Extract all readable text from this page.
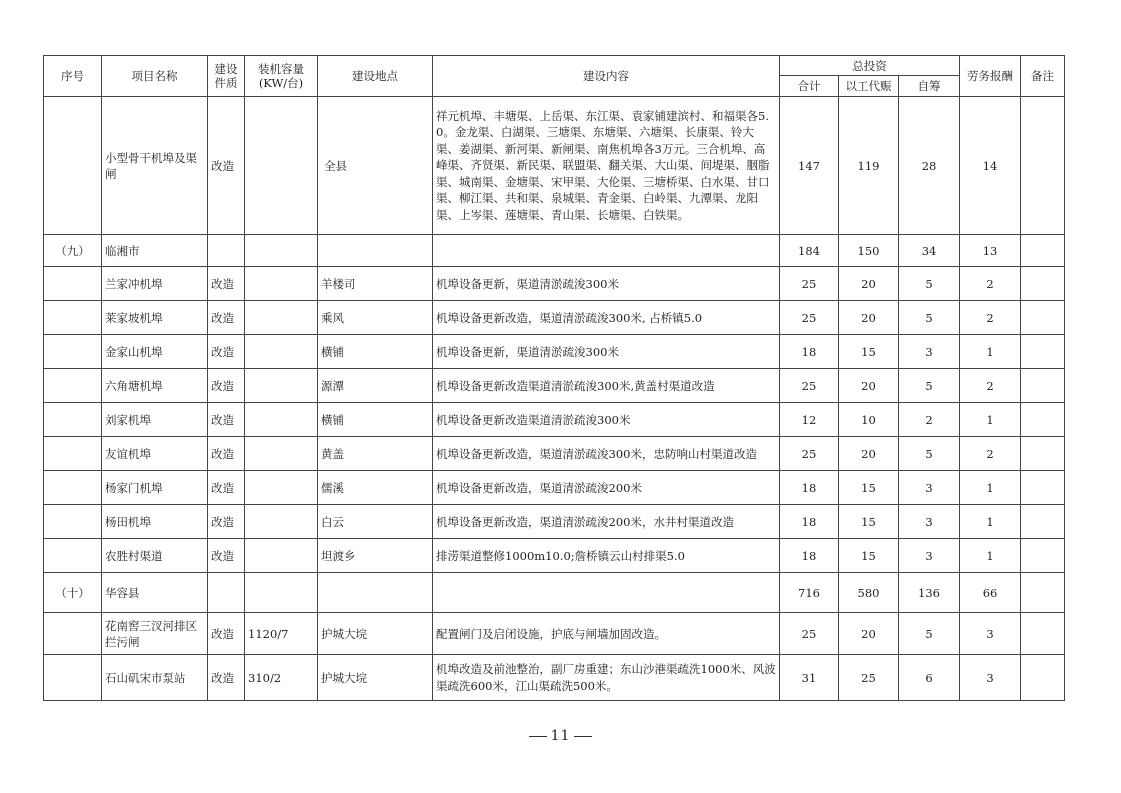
序号	项目名称	建设件质	装机容量(KW/台)	建设地点	建设内容	总投资			劳务报酬	备注
						合计	以工代赈	自筹		
	小型骨干机埠及渠闸	改造		全县	祥元机埠、丰塘渠、上岳渠、东江渠、袁家铺建滨村、和福渠各5.0。金龙渠、白湖渠、三塘渠、东塘渠、六塘渠、长康渠、铃大渠、姜湖渠、新河渠、新闸渠、南焦机埠各3万元。三合机埠、高峰渠、齐贤渠、新民渠、联盟渠、翻关渠、大山渠、间堤渠、胭脂渠、城南渠、金塘渠、宋甲渠、大伦渠、三塘桥渠、白水渠、甘口渠、柳江渠、共和渠、泉城渠、青金渠、白岭渠、九潭渠、龙阳渠、上岑渠、莲塘渠、青山渠、长塘渠、白铁渠。	147	119	28	14	
（九）	临湘市					184	150	34	13	
	兰家冲机埠	改造		羊楼司	机埠设备更新，渠道清淤疏浚300米	25	20	5	2	
	莱家坡机埠	改造		乘风	机埠设备更新改造，渠道清淤疏浚300米, 占桥镇5.0	25	20	5	2	
	金家山机埠	改造		横铺	机埠设备更新，渠道清淤疏浚300米	18	15	3	1	
	六角塘机埠	改造		源潭	机埠设备更新改造渠道清淤疏浚300米,黄盖村渠道改造	25	20	5	2	
	刘家机埠	改造		横铺	机埠设备更新改造渠道清淤疏浚300米	12	10	2	1	
	友谊机埠	改造		黄盖	机埠设备更新改造，渠道清淤疏浚300米，忠防响山村渠道改造	25	20	5	2	
	杨家门机埠	改造		儒溪	机埠设备更新改造，渠道清淤疏浚200米	18	15	3	1	
	杨田机埠	改造		白云	机埠设备更新改造，渠道清淤疏浚200米，水井村渠道改造	18	15	3	1	
	农胜村渠道	改造		坦渡乡	排涝渠道整修1000m10.0;詹桥镇云山村排渠5.0	18	15	3	1	
（十）	华容县					716	580	136	66	
	花南窖三汊河排区拦污闸	改造	1120/7	护城大垸	配置闸门及启闭设施，护底与闸墙加固改造。	25	20	5	3	
	石山矶宋市泵站	改造	310/2	护城大垸	机埠改造及前池整治，副厂房重建；东山沙港渠疏洗1000米、风波渠疏洗600米，江山渠疏洗500米。	31	25	6	3	
11
